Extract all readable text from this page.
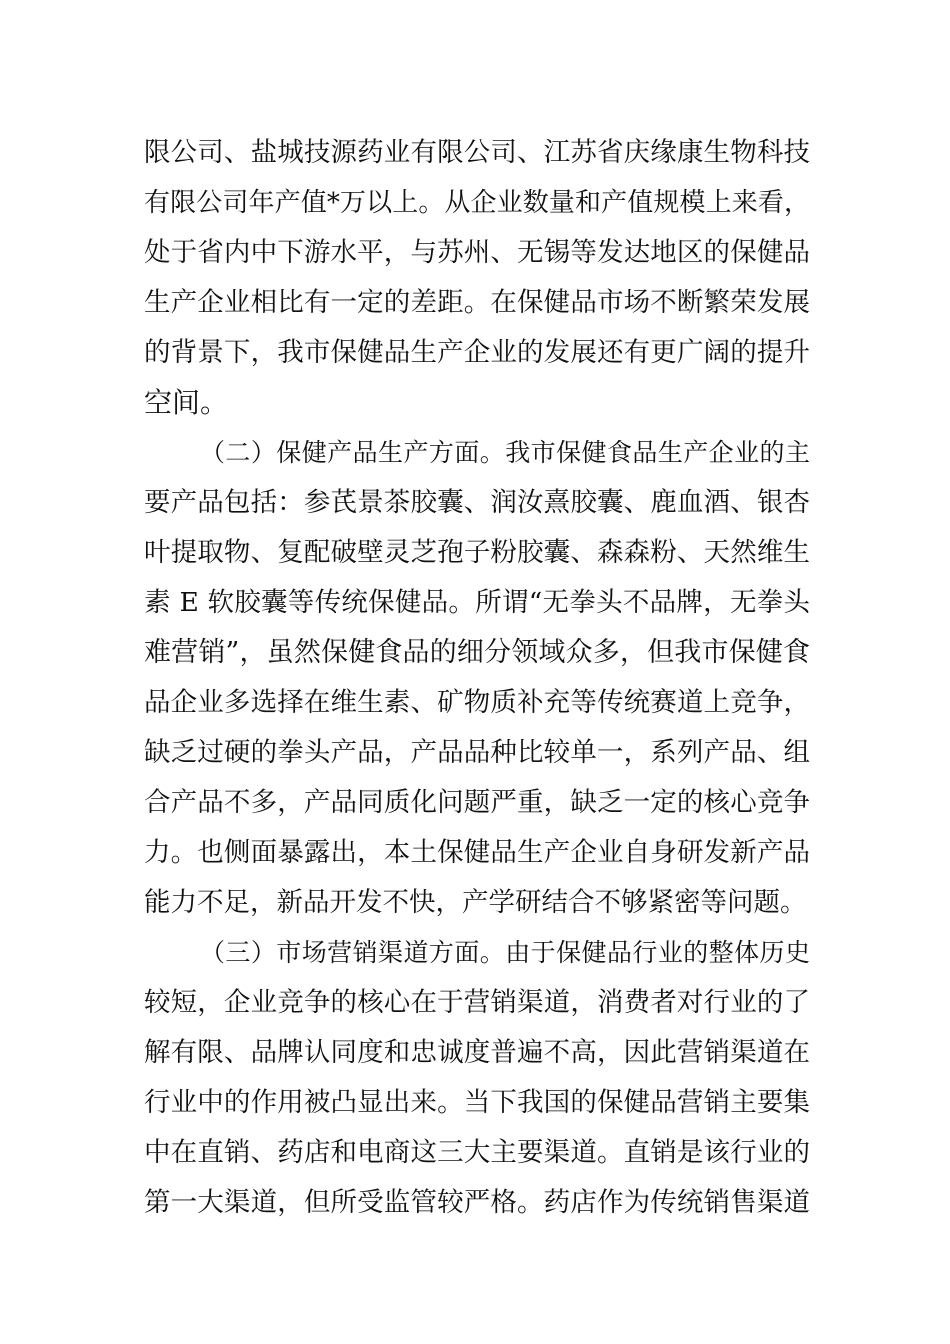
限公司、盐城技源药业有限公司、江苏省庆缘康生物科技
有限公司年产值*万以上。从企业数量和产值规模上来看，
处于省内中下游水平，与苏州、无锡等发达地区的保健品
生产企业相比有一定的差距。在保健品市场不断繁荣发展
的背景下，我市保健品生产企业的发展还有更广阔的提升
空间。
（二）保健产品生产方面。我市保健食品生产企业的主
要产品包括：参芪景茶胶囊、润汝熹胶囊、鹿血酒、银杏
叶提取物、复配破壁灵芝孢子粉胶囊、森森粉、天然维生
素 E 软胶囊等传统保健品。所谓“无拳头不品牌，无拳头
难营销”，虽然保健食品的细分领域众多，但我市保健食
品企业多选择在维生素、矿物质补充等传统赛道上竞争，
缺乏过硬的拳头产品，产品品种比较单一，系列产品、组
合产品不多，产品同质化问题严重，缺乏一定的核心竞争
力。也侧面暴露出，本土保健品生产企业自身研发新产品
能力不足，新品开发不快，产学研结合不够紧密等问题。
（三）市场营销渠道方面。由于保健品行业的整体历史
较短，企业竞争的核心在于营销渠道，消费者对行业的了
解有限、品牌认同度和忠诚度普遍不高，因此营销渠道在
行业中的作用被凸显出来。当下我国的保健品营销主要集
中在直销、药店和电商这三大主要渠道。直销是该行业的
第一大渠道，但所受监管较严格。药店作为传统销售渠道
